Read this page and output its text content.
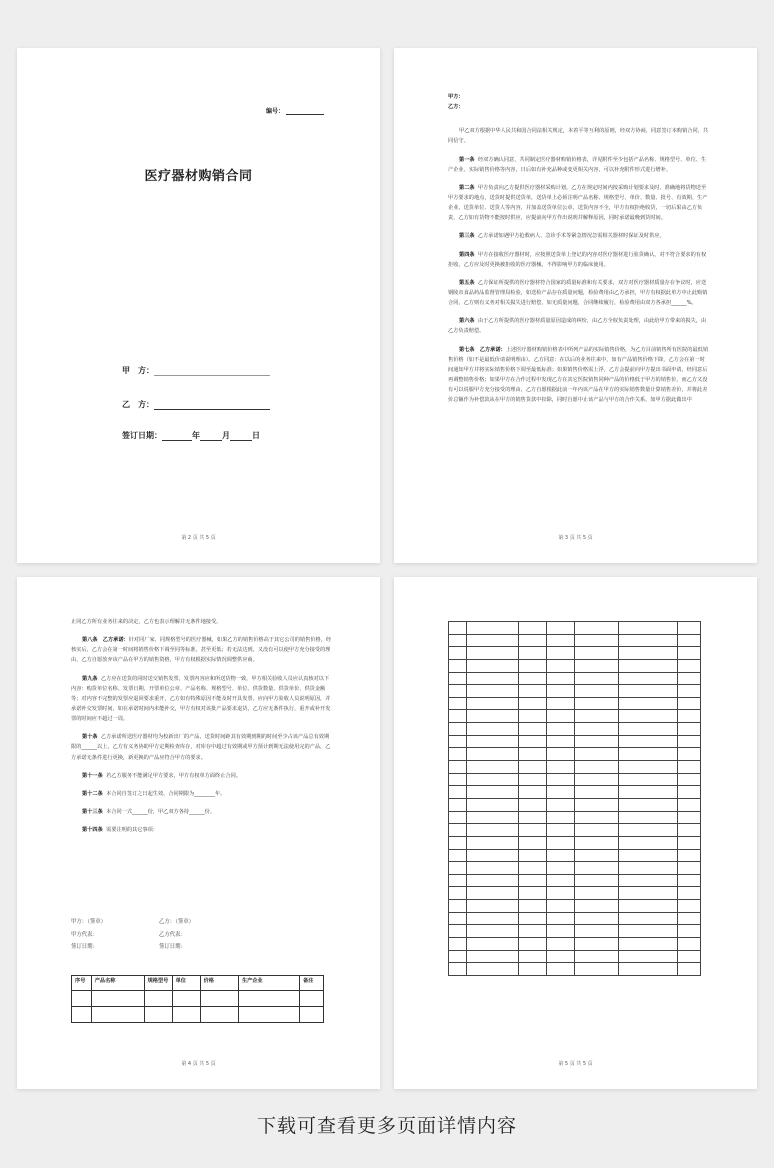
编号：
医疗器材购销合同
甲　方：
乙　方：
签订日期：	年	月	日
第 2 页 共 5 页

甲方：

乙方：

甲乙双方根据中华人民共和国合同法相关规定，本着平等互利的原则，经双方协商，同意签订本购销合同，共同信守。

第一条 经双方确认同意，共同制定医疗器材购销价格表，详见附件至少包括产品名称、规格型号、单位、生产企业、实际销售价格等内容，日后如有补充品种或变更相关内容，可以补充附件形式进行增补。

第二条 甲方负责向乙方提供医疗器材采购计划，乙方在规定时间内按采购计划要求及时、准确地将货物送至甲方要求的地点，送货时提供送货单，送货单上必须注明产品名称、规格型号、单价、数量、批号、有效期、生产企业、送货单位、送货人等内容，并加盖送货单位公章，送货内容不全，甲方有权拒绝收货，一切后果由乙方负责，乙方如有货物不能按时供应，应提前向甲方作出说明并解释原因，同时承诺最晚到货时间。

第三条 乙方承诺如遇甲方抢救病人、急诊手术等紧急情况急需相关器材时保证及时供应。

第四条 甲方在接收医疗器材时，应按照送货单上登记的内容对医疗器材进行验货确认，对不符合要求的有权拒收，乙方应及时更换被拒收的医疗器械，不得影响甲方的临床使用。

第五条 乙方保证所提供的医疗器材符合国家的质量标准和有关要求，双方对医疗器材质量存在争议时，应送钢陵市食品药品监督管理局检验，如送检产品存在质量问题，检验费用由乙方承担，甲方有权据此单方中止此购销合同，乙方则有义务对相关损失进行赔偿，如无质量问题，合同继续履行，检验费用由双方各承担______%。

第六条 由于乙方所提供的医疗器材质量原因造成的纠纷，由乙方全权负责处理，由此给甲方带来的损失，由乙方负责赔偿。

第七条　乙方承诺：上述医疗器材购销价格表中所列产品的实际销售价格，为乙方目前销售所有医院的最低销售价格（如不是最低价请说明理由）。乙方同意：在以后的业务往来中，如有产品销售价格下降，乙方会在第一时间通知甲方并将实际销售价格下调至最低标准；如果销售价格需上浮，乙方会提前向甲方提出书面申请，经同意后再调整销售价格；如果甲方在合作过程中发现乙方在其它医院销售同种产品的价格低于甲方的销售价，而乙方又没有可以说服甲方充分接受的理由，乙方自愿根据此前一年内该产品在甲方的实际销售数量计算销售差价，并将此差价总额作为补偿款从在甲方的销售货款中扣除，同时自愿中止该产品与甲方的合作关系，如甲方据此做出中

第 3 页 共 5 页

止同乙方所有业务往来的决定，乙方也表示理解并无条件地接受。

第八条　乙方承诺：针对同厂家、同规格型号的医疗器械，如果乙方的销售价格高于其它公司的销售价格，经核实后，乙方会在第一时间将销售价格下调至同等标准，甚至更低；若无法达到，又没有可以使甲方充分接受的理由，乙方自愿放弃该产品在甲方的销售资格，甲方有权根据实际情况调整供应商。

第九条 乙方应在送货的同时送交销售发票，发票内容应和所送货物一致，甲方相关验收人员应认真核对以下内容：购货单位名称、发票日期、开票单位公章、产品名称、规格型号、单位、供货数量、供货单价、供货金额等；对内容不完整的发票应退回要求重开，乙方如有特殊原因不能及时开具发票，应向甲方验收人员说明原因，并承诺补交发票时间，如在承诺时间内未能补交，甲方有权对该批产品要求退货，乙方应无条件执行，重开或补开发票的时间应不超过一周。

第十条 乙方承诺所送医疗器材均为校新出厂的产品，送货时间距其有效期到期的时间至少占该产品总有效期限的______以上，乙方有义务协助甲方定期检查库存，对库存中超过有效期或甲方预计到期无法使用完的产品，乙方承诺无条件进行更换，新更换的产品应符合甲方的要求。

第十一条 若乙方服务不能满足甲方要求，甲方有权单方面终止合同。

第十二条 本合同自签订之日起生效，合同期限为________年。

第十三条 本合同一式______份，甲乙双方各持______份。

第十四条 需要注明的其它事项：

甲方：（签章）	乙方：（签章）
甲方代表：	乙方代表：
签订日期：	签订日期：
序号	产品名称	规格型号	单位	价格	生产企业	备注

第 4 页 共 5 页

							第 5 页 共 5 页
下载可查看更多页面详情内容
